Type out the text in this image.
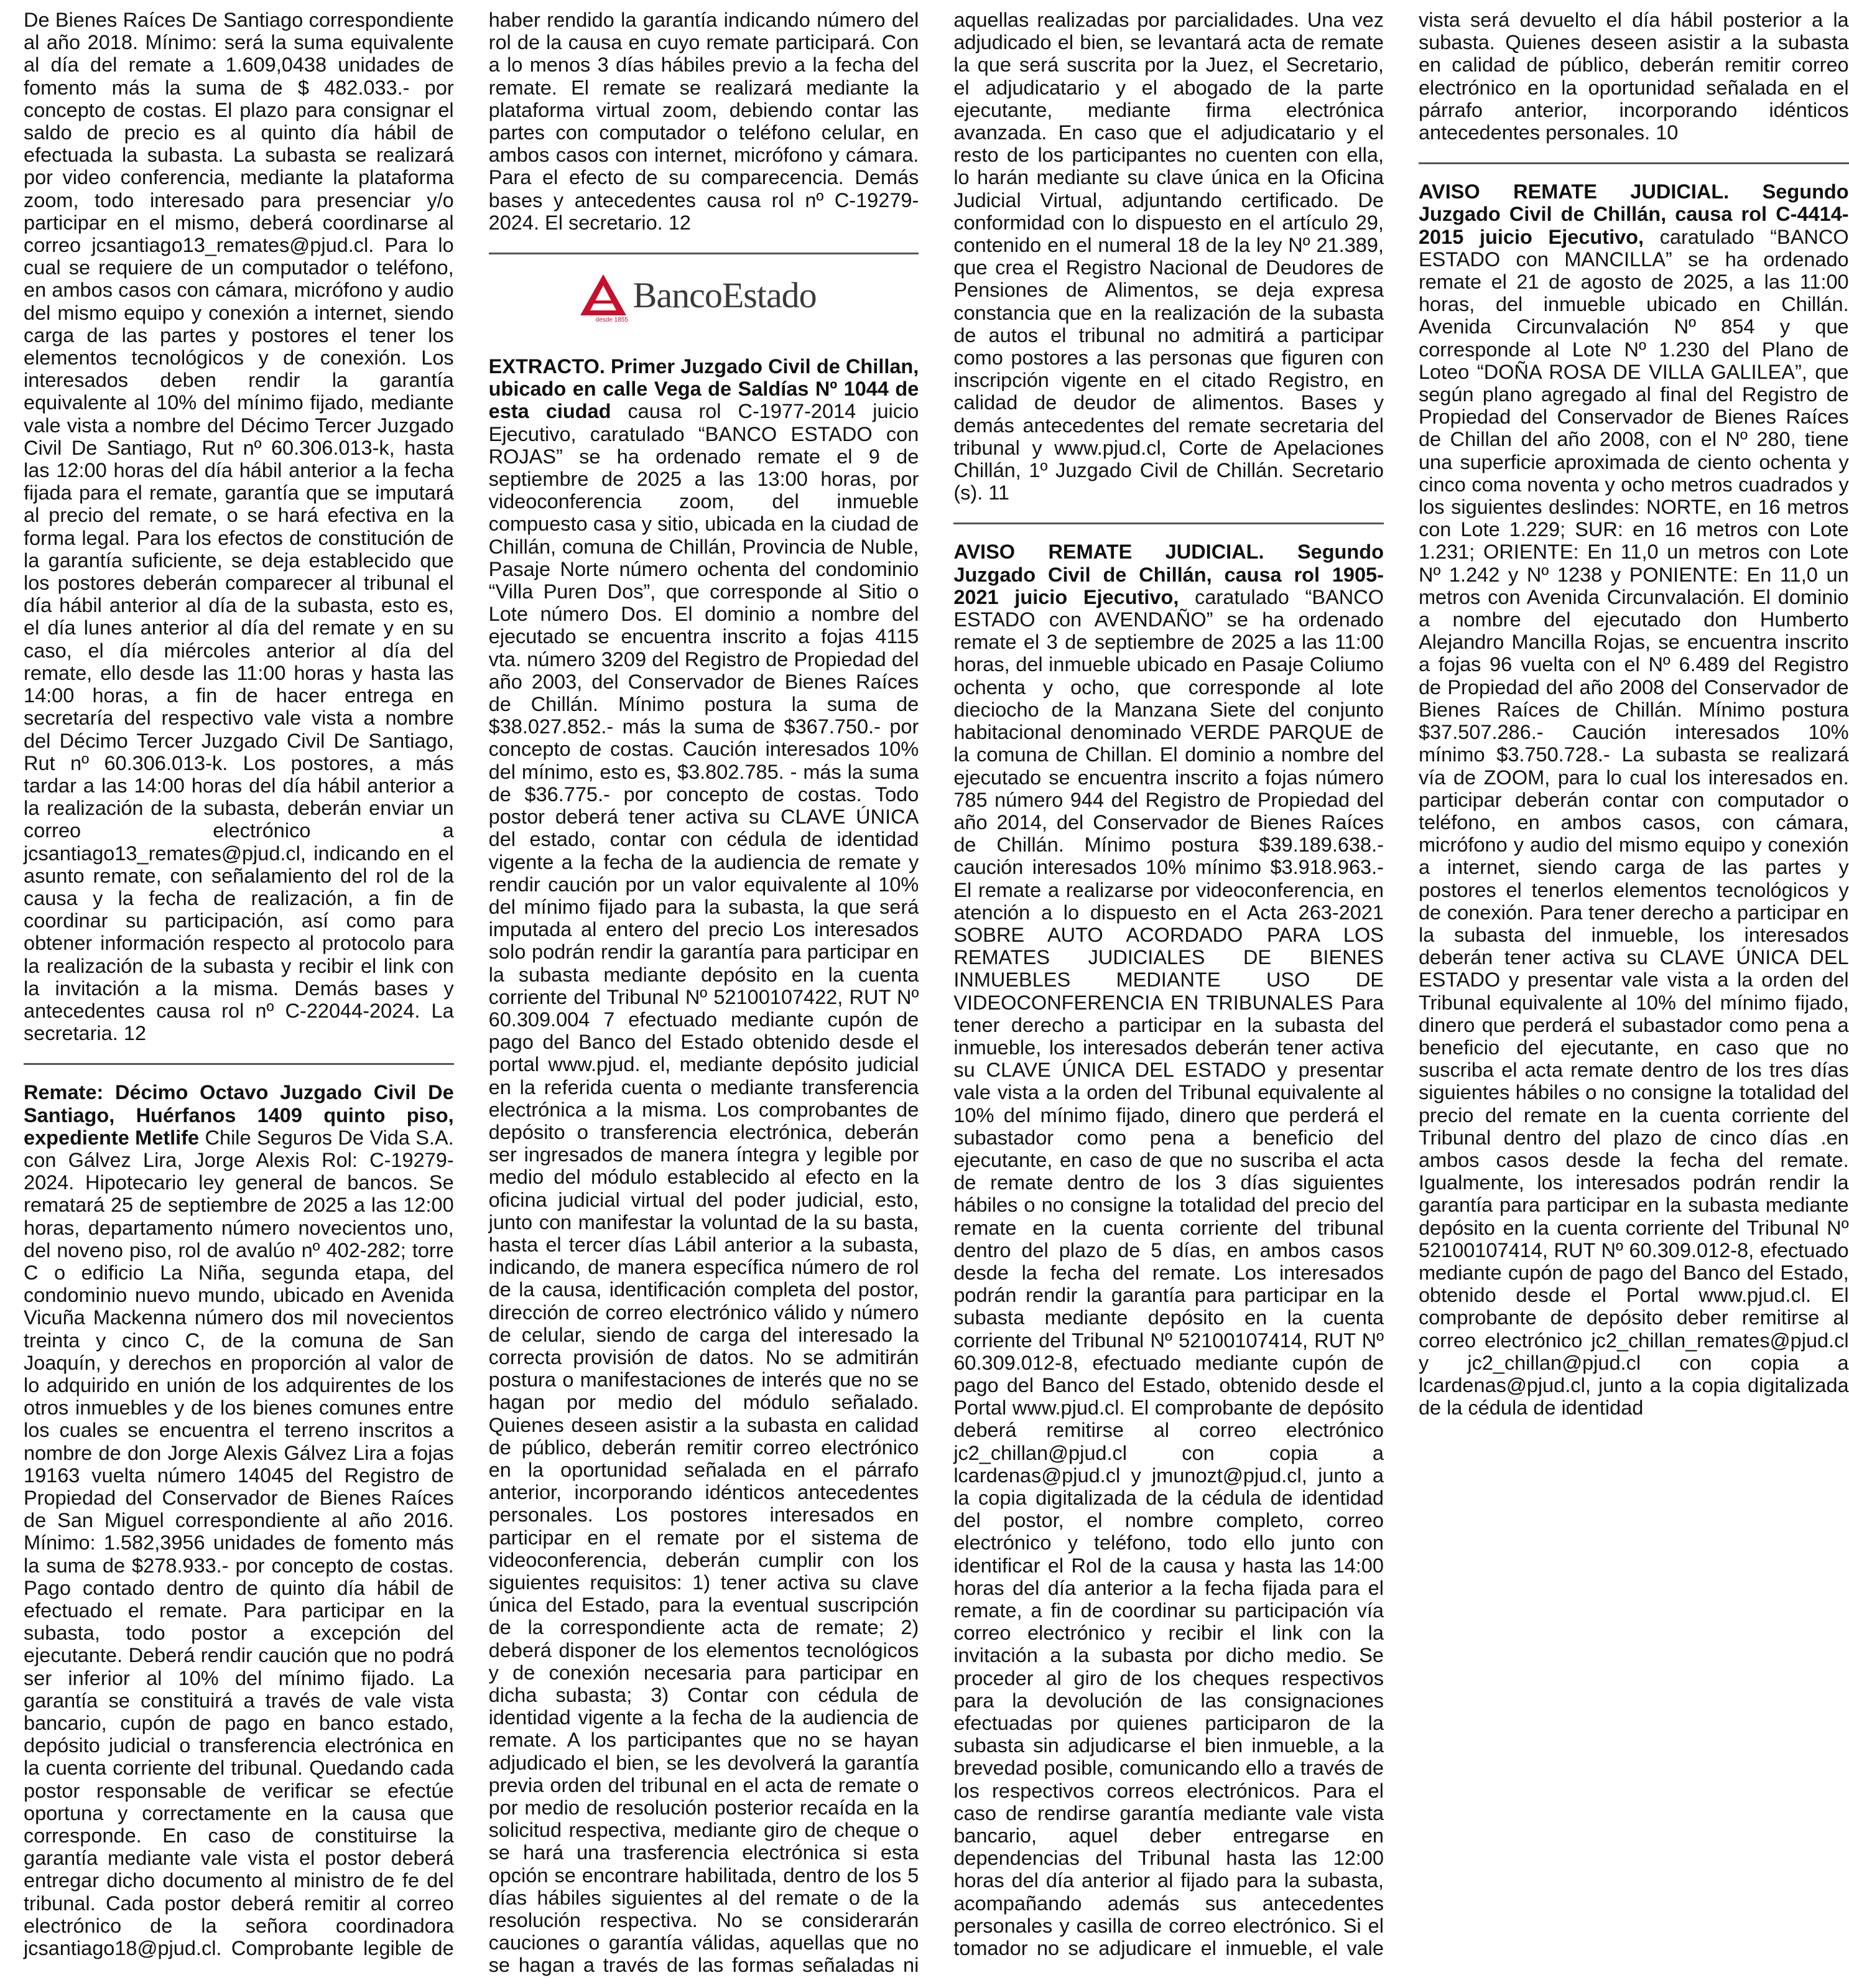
De Bienes Raíces De Santiago correspondiente al año 2018. Mínimo: será la suma equivalente al día del remate a 1.609,0438 unidades de fomento más la suma de $ 482.033.- por concepto de costas. El plazo para consignar el saldo de precio es al quinto día hábil de efectuada la subasta. La subasta se realizará por video conferencia, mediante la plataforma zoom, todo interesado para presenciar y/o participar en el mismo, deberá coordinarse al correo jcsantiago13_remates@pjud.cl. Para lo cual se requiere de un computador o teléfono, en ambos casos con cámara, micrófono y audio del mismo equipo y conexión a internet, siendo carga de las partes y postores el tener los elementos tecnológicos y de conexión. Los interesados deben rendir la garantía equivalente al 10% del mínimo fijado, mediante vale vista a nombre del Décimo Tercer Juzgado Civil De Santiago, Rut nº 60.306.013-k, hasta las 12:00 horas del día hábil anterior a la fecha fijada para el remate, garantía que se imputará al precio del remate, o se hará efectiva en la forma legal. Para los efectos de constitución de la garantía suficiente, se deja establecido que los postores deberán comparecer al tribunal el día hábil anterior al día de la subasta, esto es, el día lunes anterior al día del remate y en su caso, el día miércoles anterior al día del remate, ello desde las 11:00 horas y hasta las 14:00 horas, a fin de hacer entrega en secretaría del respectivo vale vista a nombre del Décimo Tercer Juzgado Civil De Santiago, Rut nº 60.306.013-k. Los postores, a más tardar a las 14:00 horas del día hábil anterior a la realización de la subasta, deberán enviar un correo electrónico a jcsantiago13_remates@pjud.cl, indicando en el asunto remate, con señalamiento del rol de la causa y la fecha de realización, a fin de coordinar su participación, así como para obtener información respecto al protocolo para la realización de la subasta y recibir el link con la invitación a la misma. Demás bases y antecedentes causa rol nº C-22044-2024. La secretaria. 12

Remate: Décimo Octavo Juzgado Civil De Santiago, Huérfanos 1409 quinto piso, expediente Metlife Chile Seguros De Vida S.A. con Gálvez Lira, Jorge Alexis Rol: C-19279-2024. Hipotecario ley general de bancos. Se rematará 25 de septiembre de 2025 a las 12:00 horas, departamento número novecientos uno, del noveno piso, rol de avalúo nº 402-282; torre C o edificio La Niña, segunda etapa, del condominio nuevo mundo, ubicado en Avenida Vicuña Mackenna número dos mil novecientos treinta y cinco C, de la comuna de San Joaquín, y derechos en proporción al valor de lo adquirido en unión de los adquirentes de los otros inmuebles y de los bienes comunes entre los cuales se encuentra el terreno inscritos a nombre de don Jorge Alexis Gálvez Lira a fojas 19163 vuelta número 14045 del Registro de Propiedad del Conservador de Bienes Raíces de San Miguel correspondiente al año 2016. Mínimo: 1.582,3956 unidades de fomento más la suma de $278.933.- por concepto de costas. Pago contado dentro de quinto día hábil de efectuado el remate. Para participar en la subasta, todo postor a excepción del ejecutante. Deberá rendir caución que no podrá ser inferior al 10% del mínimo fijado. La garantía se constituirá a través de vale vista bancario, cupón de pago en banco estado, depósito judicial o transferencia electrónica en la cuenta corriente del tribunal. Quedando cada postor responsable de verificar se efectúe oportuna y correctamente en la causa que corresponde. En caso de constituirse la garantía mediante vale vista el postor deberá entregar dicho documento al ministro de fe del tribunal. Cada postor deberá remitir al correo electrónico de la señora coordinadora jcsantiago18@pjud.cl. Comprobante legible de haber rendido la garantía indicando número del rol de la causa en cuyo remate participará. Con a lo menos 3 días hábiles previo a la fecha del remate. El remate se realizará mediante la plataforma virtual zoom, debiendo contar las partes con computador o teléfono celular, en ambos casos con internet, micrófono y cámara. Para el efecto de su comparecencia. Demás bases y antecedentes causa rol nº C-19279-2024. El secretario. 12

BancoEstado
desde 1855

EXTRACTO. Primer Juzgado Civil de Chillan, ubicado en calle Vega de Saldías Nº 1044 de esta ciudad causa rol C-1977-2014 juicio Ejecutivo, caratulado “BANCO ESTADO con ROJAS” se ha ordenado remate el 9 de septiembre de 2025 a las 13:00 horas, por videoconferencia zoom, del inmueble compuesto casa y sitio, ubicada en la ciudad de Chillán, comuna de Chillán, Provincia de Nuble, Pasaje Norte número ochenta del condominio “Villa Puren Dos”, que corresponde al Sitio o Lote número Dos. El dominio a nombre del ejecutado se encuentra inscrito a fojas 4115 vta. número 3209 del Registro de Propiedad del año 2003, del Conservador de Bienes Raíces de Chillán. Mínimo postura la suma de $38.027.852.- más la suma de $367.750.- por concepto de costas. Caución interesados 10% del mínimo, esto es, $3.802.785. - más la suma de $36.775.- por concepto de costas. Todo postor deberá tener activa su CLAVE ÚNICA del estado, contar con cédula de identidad vigente a la fecha de la audiencia de remate y rendir caución por un valor equivalente al 10% del mínimo fijado para la subasta, la que será imputada al entero del precio Los interesados solo podrán rendir la garantía para participar en la subasta mediante depósito en la cuenta corriente del Tribunal Nº 52100107422, RUT Nº 60.309.004 7 efectuado mediante cupón de pago del Banco del Estado obtenido desde el portal www.pjud. el, mediante depósito judicial en la referida cuenta o mediante transferencia electrónica a la misma. Los comprobantes de depósito o transferencia electrónica, deberán ser ingresados de manera íntegra y legible por medio del módulo establecido al efecto en la oficina judicial virtual del poder judicial, esto, junto con manifestar la voluntad de la su basta, hasta el tercer días Lábil anterior a la subasta, indicando, de manera específica número de rol de la causa, identificación completa del postor, dirección de correo electrónico válido y número de celular, siendo de carga del interesado la correcta provisión de datos. No se admitirán postura o manifestaciones de interés que no se hagan por medio del módulo señalado. Quienes deseen asistir a la subasta en calidad de público, deberán remitir correo electrónico en la oportunidad señalada en el párrafo anterior, incorporando idénticos antecedentes personales. Los postores interesados en participar en el remate por el sistema de videoconferencia, deberán cumplir con los siguientes requisitos: 1) tener activa su clave única del Estado, para la eventual suscripción de la correspondiente acta de remate; 2) deberá disponer de los elementos tecnológicos y de conexión necesaria para participar en dicha subasta; 3) Contar con cédula de identidad vigente a la fecha de la audiencia de remate. A los participantes que no se hayan adjudicado el bien, se les devolverá la garantía previa orden del tribunal en el acta de remate o por medio de resolución posterior recaída en la solicitud respectiva, mediante giro de cheque o se hará una trasferencia electrónica si esta opción se encontrare habilitada, dentro de los 5 días hábiles siguientes al del remate o de la resolución respectiva. No se considerarán cauciones o garantía válidas, aquellas que no se hagan a través de las formas señaladas ni aquellas realizadas por parcialidades. Una vez adjudicado el bien, se levantará acta de remate la que será suscrita por la Juez, el Secretario, el adjudicatario y el abogado de la parte ejecutante, mediante firma electrónica avanzada. En caso que el adjudicatario y el resto de los participantes no cuenten con ella, lo harán mediante su clave única en la Oficina Judicial Virtual, adjuntando certificado. De conformidad con lo dispuesto en el artículo 29, contenido en el numeral 18 de la ley Nº 21.389, que crea el Registro Nacional de Deudores de Pensiones de Alimentos, se deja expresa constancia que en la realización de la subasta de autos el tribunal no admitirá a participar como postores a las personas que figuren con inscripción vigente en el citado Registro, en calidad de deudor de alimentos. Bases y demás antecedentes del remate secretaria del tribunal y www.pjud.cl, Corte de Apelaciones Chillán, 1º Juzgado Civil de Chillán. Secretario (s). 11

AVISO REMATE JUDICIAL. Segundo Juzgado Civil de Chillán, causa rol 1905-2021 juicio Ejecutivo, caratulado “BANCO ESTADO con AVENDAÑO” se ha ordenado remate el 3 de septiembre de 2025 a las 11:00 horas, del inmueble ubicado en Pasaje Coliumo ochenta y ocho, que corresponde al lote dieciocho de la Manzana Siete del conjunto habitacional denominado VERDE PARQUE de la comuna de Chillan. El dominio a nombre del ejecutado se encuentra inscrito a fojas número 785 número 944 del Registro de Propiedad del año 2014, del Conservador de Bienes Raíces de Chillán. Mínimo postura $39.189.638.- caución interesados 10% mínimo $3.918.963.- El remate a realizarse por videoconferencia, en atención a lo dispuesto en el Acta 263-2021 SOBRE AUTO ACORDADO PARA LOS REMATES JUDICIALES DE BIENES INMUEBLES MEDIANTE USO DE VIDEOCONFERENCIA EN TRIBUNALES Para tener derecho a participar en la subasta del inmueble, los interesados deberán tener activa su CLAVE ÚNICA DEL ESTADO y presentar vale vista a la orden del Tribunal equivalente al 10% del mínimo fijado, dinero que perderá el subastador como pena a beneficio del ejecutante, en caso de que no suscriba el acta de remate dentro de los 3 días siguientes hábiles o no consigne la totalidad del precio del remate en la cuenta corriente del tribunal dentro del plazo de 5 días, en ambos casos desde la fecha del remate. Los interesados podrán rendir la garantía para participar en la subasta mediante depósito en la cuenta corriente del Tribunal Nº 52100107414, RUT Nº 60.309.012-8, efectuado mediante cupón de pago del Banco del Estado, obtenido desde el Portal www.pjud.cl. El comprobante de depósito deberá remitirse al correo electrónico jc2_chillan@pjud.cl con copia a lcardenas@pjud.cl y jmunozt@pjud.cl, junto a la copia digitalizada de la cédula de identidad del postor, el nombre completo, correo electrónico y teléfono, todo ello junto con identificar el Rol de la causa y hasta las 14:00 horas del día anterior a la fecha fijada para el remate, a fin de coordinar su participación vía correo electrónico y recibir el link con la invitación a la subasta por dicho medio. Se proceder al giro de los cheques respectivos para la devolución de las consignaciones efectuadas por quienes participaron de la subasta sin adjudicarse el bien inmueble, a la brevedad posible, comunicando ello a través de los respectivos correos electrónicos. Para el caso de rendirse garantía mediante vale vista bancario, aquel deber entregarse en dependencias del Tribunal hasta las 12:00 horas del día anterior al fijado para la subasta, acompañando además sus antecedentes personales y casilla de correo electrónico. Si el tomador no se adjudicare el inmueble, el vale vista será devuelto el día hábil posterior a la subasta. Quienes deseen asistir a la subasta en calidad de público, deberán remitir correo electrónico en la oportunidad señalada en el párrafo anterior, incorporando idénticos antecedentes personales. 10

AVISO REMATE JUDICIAL. Segundo Juzgado Civil de Chillán, causa rol C-4414-2015 juicio Ejecutivo, caratulado “BANCO ESTADO con MANCILLA” se ha ordenado remate el 21 de agosto de 2025, a las 11:00 horas, del inmueble ubicado en Chillán. Avenida Circunvalación Nº 854 y que corresponde al Lote Nº 1.230 del Plano de Loteo “DOÑA ROSA DE VILLA GALILEA”, que según plano agregado al final del Registro de Propiedad del Conservador de Bienes Raíces de Chillan del año 2008, con el Nº 280, tiene una superficie aproximada de ciento ochenta y cinco coma noventa y ocho metros cuadrados y los siguientes deslindes: NORTE, en 16 metros con Lote 1.229; SUR: en 16 metros con Lote 1.231; ORIENTE: En 11,0 un metros con Lote Nº 1.242 y Nº 1238 y PONIENTE: En 11,0 un metros con Avenida Circunvalación. El dominio a nombre del ejecutado don Humberto Alejandro Mancilla Rojas, se encuentra inscrito a fojas 96 vuelta con el Nº 6.489 del Registro de Propiedad del año 2008 del Conservador de Bienes Raíces de Chillán. Mínimo postura $37.507.286.- Caución interesados 10% mínimo $3.750.728.- La subasta se realizará vía de ZOOM, para lo cual los interesados en. participar deberán contar con computador o teléfono, en ambos casos, con cámara, micrófono y audio del mismo equipo y conexión a internet, siendo carga de las partes y postores el tenerlos elementos tecnológicos y de conexión. Para tener derecho a participar en la subasta del inmueble, los interesados deberán tener activa su CLAVE ÚNICA DEL ESTADO y presentar vale vista a la orden del Tribunal equivalente al 10% del mínimo fijado, dinero que perderá el subastador como pena a beneficio del ejecutante, en caso que no suscriba el acta remate dentro de los tres días siguientes hábiles o no consigne la totalidad del precio del remate en la cuenta corriente del Tribunal dentro del plazo de cinco días .en ambos casos desde la fecha del remate. Igualmente, los interesados podrán rendir la garantía para participar en la subasta mediante depósito en la cuenta corriente del Tribunal Nº 52100107414, RUT Nº 60.309.012-8, efectuado mediante cupón de pago del Banco del Estado, obtenido desde el Portal www.pjud.cl. El comprobante de depósito deber remitirse al correo electrónico jc2_chillan_remates@pjud.cl y jc2_chillan@pjud.cl con copia a lcardenas@pjud.cl, junto a la copia digitalizada de la cédula de identidad
